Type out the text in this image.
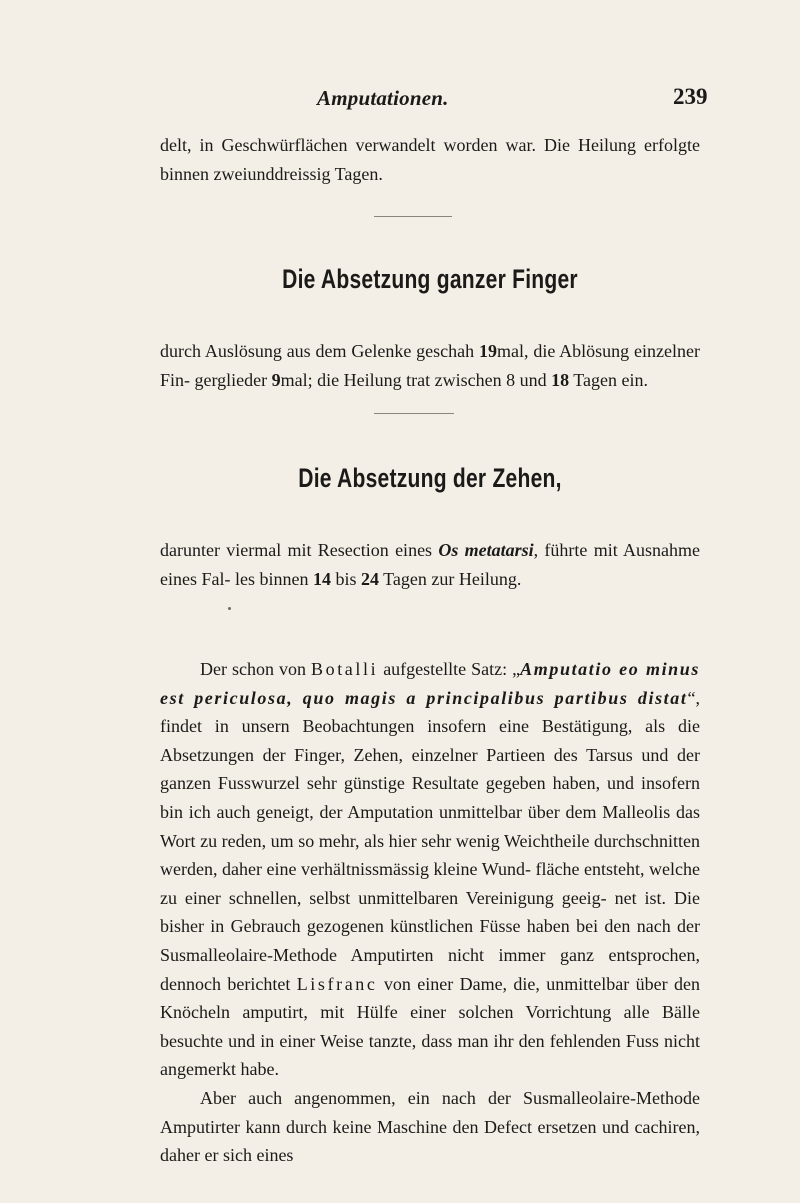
Amputationen.	239

delt, in Geschwürflächen verwandelt worden war. Die Heilung erfolgte binnen zweiunddreissig Tagen.

Die Absetzung ganzer Finger

durch Auslösung aus dem Gelenke geschah 19mal, die Ablösung einzelner Fin- gerglieder 9mal; die Heilung trat zwischen 8 und 18 Tagen ein.

Die Absetzung der Zehen,

darunter viermal mit Resection eines Os metatarsi, führte mit Ausnahme eines Fal- les binnen 14 bis 24 Tagen zur Heilung.

Der schon von Botalli aufgestellte Satz: „Amputatio eo minus est periculosa, quo magis a principalibus partibus distat“, findet in unsern Beobachtungen insofern eine Bestätigung, als die Absetzungen der Finger, Zehen, einzelner Partieen des Tarsus und der ganzen Fusswurzel sehr günstige Resultate gegeben haben, und insofern bin ich auch geneigt, der Amputation unmittelbar über dem Malleolis das Wort zu reden, um so mehr, als hier sehr wenig Weichtheile durchschnitten werden, daher eine verhältnissmässig kleine Wund- fläche entsteht, welche zu einer schnellen, selbst unmittelbaren Vereinigung geeig- net ist. Die bisher in Gebrauch gezogenen künstlichen Füsse haben bei den nach der Susmalleolaire-Methode Amputirten nicht immer ganz entsprochen, dennoch berichtet Lisfranc von einer Dame, die, unmittelbar über den Knöcheln amputirt, mit Hülfe einer solchen Vorrichtung alle Bälle besuchte und in einer Weise tanzte, dass man ihr den fehlenden Fuss nicht angemerkt habe.

Aber auch angenommen, ein nach der Susmalleolaire-Methode Amputirter kann durch keine Maschine den Defect ersetzen und cachiren, daher er sich eines
